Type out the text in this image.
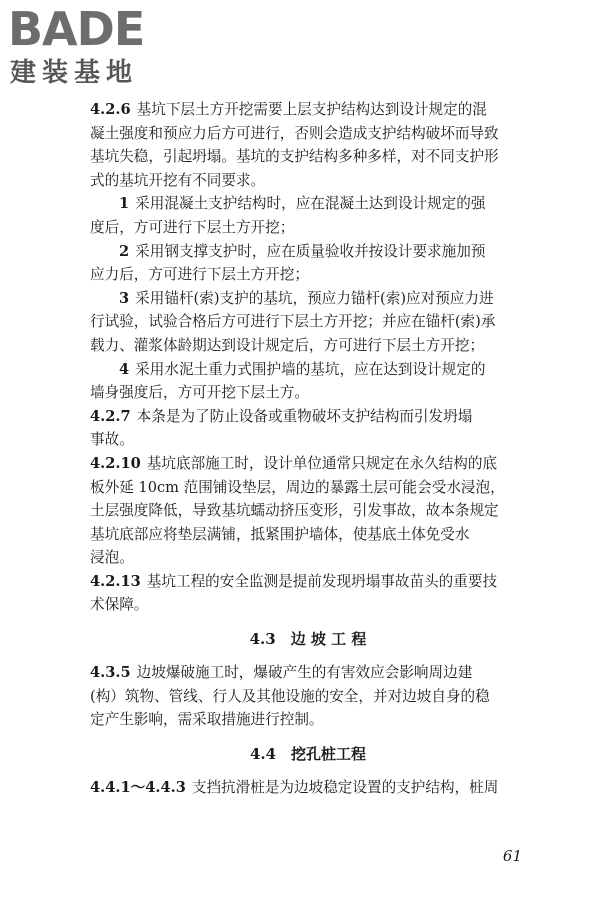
BADE
建装基地
4.2.6 基坑下层土方开挖需要上层支护结构达到设计规定的混
凝土强度和预应力后方可进行，否则会造成支护结构破坏而导致
基坑失稳，引起坍塌。基坑的支护结构多种多样，对不同支护形
式的基坑开挖有不同要求。
1 采用混凝土支护结构时，应在混凝土达到设计规定的强
度后，方可进行下层土方开挖；
2 采用钢支撑支护时，应在质量验收并按设计要求施加预
应力后，方可进行下层土方开挖；
3 采用锚杆(索)支护的基坑，预应力锚杆(索)应对预应力进
行试验，试验合格后方可进行下层土方开挖；并应在锚杆(索)承
载力、灌浆体龄期达到设计规定后，方可进行下层土方开挖；
4 采用水泥土重力式围护墙的基坑，应在达到设计规定的
墙身强度后，方可开挖下层土方。
4.2.7 本条是为了防止设备或重物破坏支护结构而引发坍塌
事故。
4.2.10 基坑底部施工时，设计单位通常只规定在永久结构的底
板外延 10cm 范围铺设垫层，周边的暴露土层可能会受水浸泡，
土层强度降低，导致基坑蠕动挤压变形，引发事故，故本条规定
基坑底部应将垫层满铺，抵紧围护墙体，使基底土体免受水
浸泡。
4.2.13 基坑工程的安全监测是提前发现坍塌事故苗头的重要技
术保障。
4.3　边 坡 工 程
4.3.5 边坡爆破施工时，爆破产生的有害效应会影响周边建
(构）筑物、管线、行人及其他设施的安全，并对边坡自身的稳
定产生影响，需采取措施进行控制。
4.4　挖孔桩工程
4.4.1～4.4.3 支挡抗滑桩是为边坡稳定设置的支护结构，桩周
61
